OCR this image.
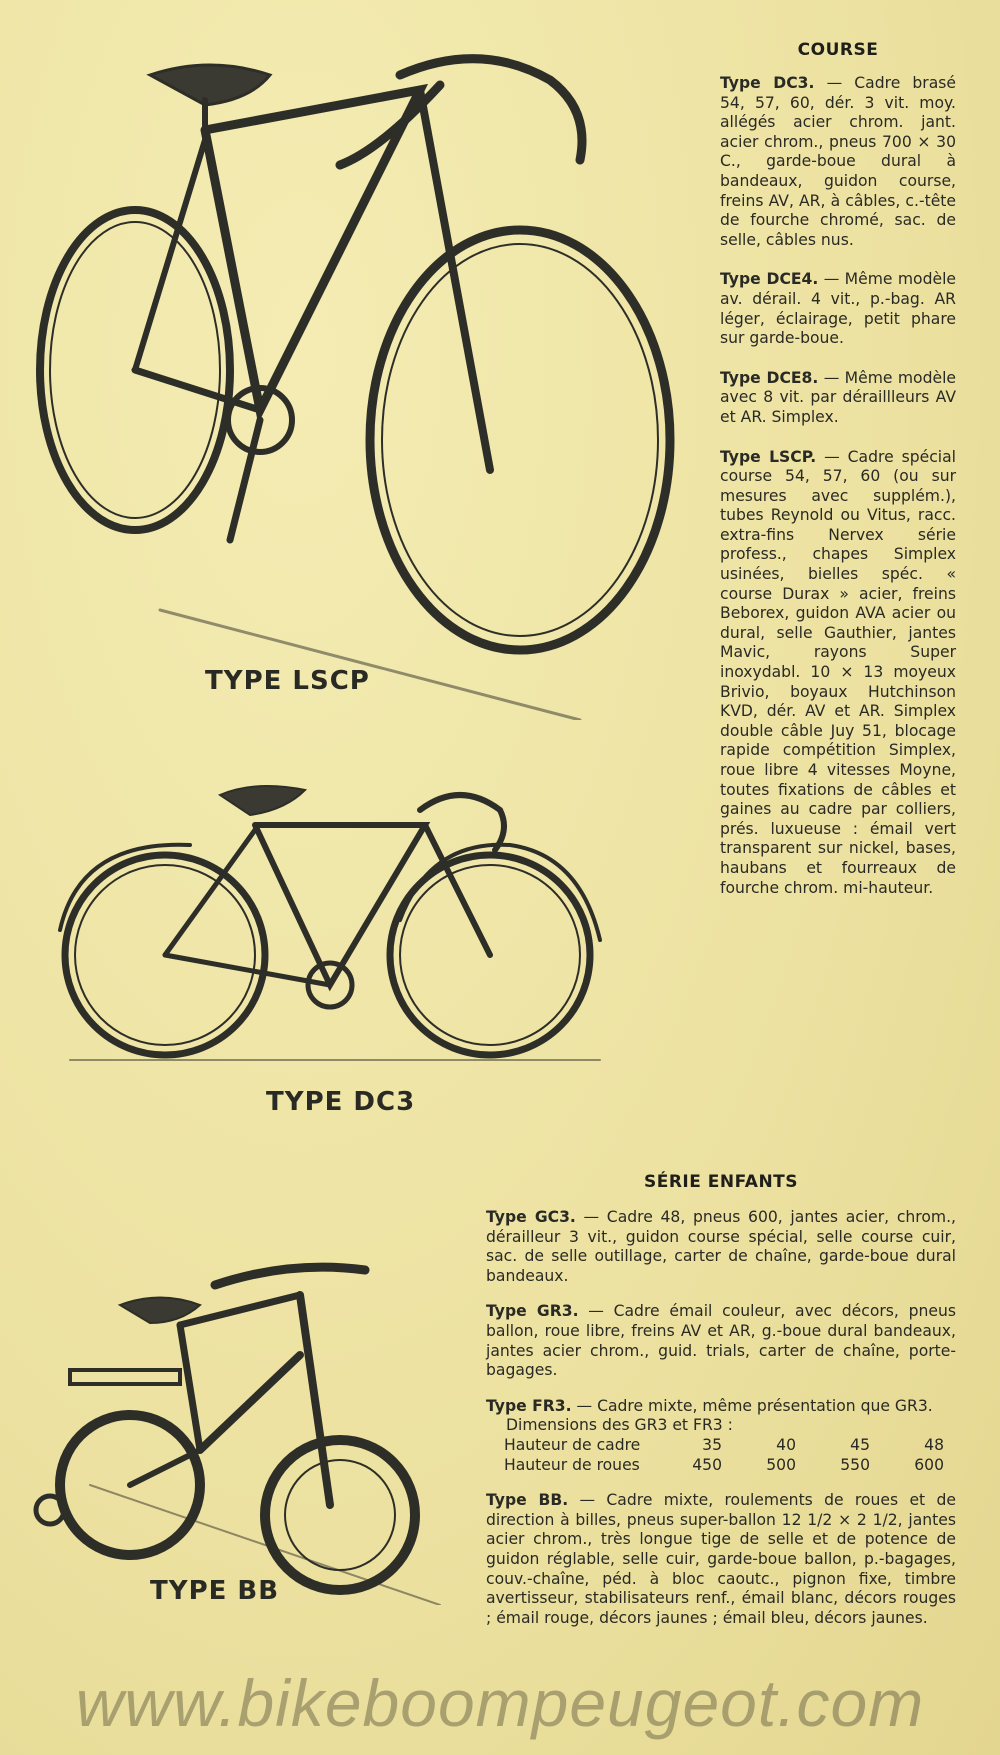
TYPE LSCP
TYPE DC3
TYPE BB
COURSE

Type DC3. — Cadre brasé 54, 57, 60, dér. 3 vit. moy. allégés acier chrom. jant. acier chrom., pneus 700 × 30 C., garde-boue dural à bandeaux, guidon course, freins AV, AR, à câbles, c.-tête de fourche chromé, sac. de selle, câbles nus.

Type DCE4. — Même modèle av. dérail. 4 vit., p.-bag. AR léger, éclairage, petit phare sur garde-boue.

Type DCE8. — Même modèle avec 8 vit. par déraillleurs AV et AR. Simplex.

Type LSCP. — Cadre spécial course 54, 57, 60 (ou sur mesures avec supplém.), tubes Reynold ou Vitus, racc. extra-fins Nervex série profess., chapes Simplex usinées, bielles spéc. « course Durax » acier, freins Beborex, guidon AVA acier ou dural, selle Gauthier, jantes Mavic, rayons Super inoxydabl. 10 × 13 moyeux Brivio, boyaux Hutchinson KVD, dér. AV et AR. Simplex double câble Juy 51, blocage rapide compétition Simplex, roue libre 4 vitesses Moyne, toutes fixations de câbles et gaines au cadre par colliers, prés. luxueuse : émail vert transparent sur nickel, bases, haubans et fourreaux de fourche chrom. mi-hauteur.

SÉRIE ENFANTS

Type GC3. — Cadre 48, pneus 600, jantes acier, chrom., dérailleur 3 vit., guidon course spécial, selle course cuir, sac. de selle outillage, carter de chaîne, garde-boue dural bandeaux.

Type GR3. — Cadre émail couleur, avec décors, pneus ballon, roue libre, freins AV et AR, g.-boue dural bandeaux, jantes acier chrom., guid. trials, carter de chaîne, porte-bagages.

Type FR3. — Cadre mixte, même présentation que GR3.

Dimensions des GR3 et FR3 :
Hauteur de cadre	35	40	45	48
Hauteur de roues	450	500	550	600

Type BB. — Cadre mixte, roulements de roues et de direction à billes, pneus super-ballon 12 1/2 × 2 1/2, jantes acier chrom., très longue tige de selle et de potence de guidon réglable, selle cuir, garde-boue ballon, p.-bagages, couv.-chaîne, péd. à bloc caoutc., pignon fixe, timbre avertisseur, stabilisateurs renf., émail blanc, décors rouges ; émail rouge, décors jaunes ; émail bleu, décors jaunes.

www.bikeboompeugeot.com
